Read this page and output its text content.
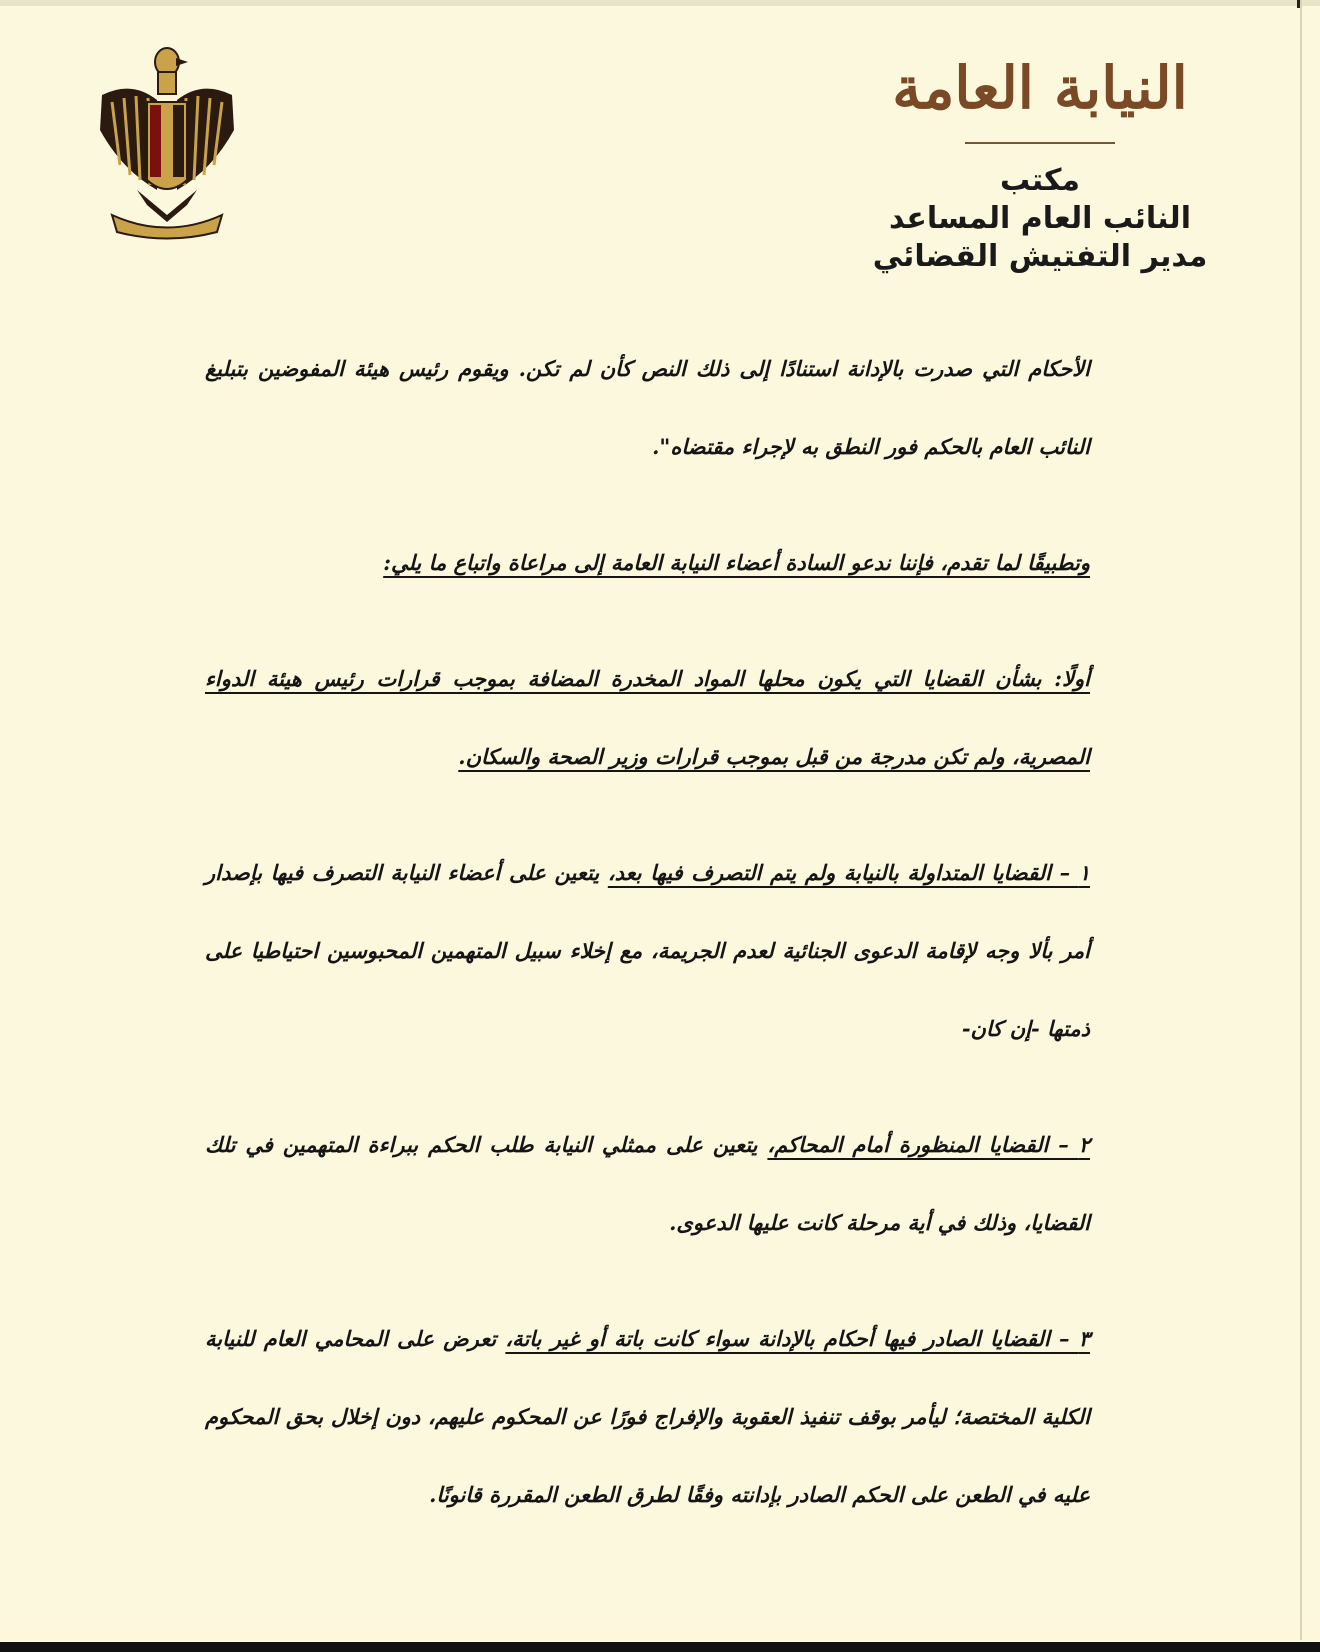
النيابة العامة
مكتب
النائب العام المساعد
مدير التفتيش القضائي

الأحكام التي صدرت بالإدانة استنادًا إلى ذلك النص كأن لم تكن. ويقوم رئيس هيئة المفوضين بتبليغ النائب العام بالحكم فور النطق به لإجراء مقتضاه".

وتطبيقًا لما تقدم، فإننا ندعو السادة أعضاء النيابة العامة إلى مراعاة واتباع ما يلي:

أولًا: بشأن القضايا التي يكون محلها المواد المخدرة المضافة بموجب قرارات رئيس هيئة الدواء المصرية، ولم تكن مدرجة من قبل بموجب قرارات وزير الصحة والسكان.

١ – القضايا المتداولة بالنيابة ولم يتم التصرف فيها بعد، يتعين على أعضاء النيابة التصرف فيها بإصدار أمر بألا وجه لإقامة الدعوى الجنائية لعدم الجريمة، مع إخلاء سبيل المتهمين المحبوسين احتياطيا على ذمتها -إن كان-

٢ – القضايا المنظورة أمام المحاكم، يتعين على ممثلي النيابة طلب الحكم ببراءة المتهمين في تلك القضايا، وذلك في أية مرحلة كانت عليها الدعوى.

٣ – القضايا الصادر فيها أحكام بالإدانة سواء كانت باتة أو غير باتة، تعرض على المحامي العام للنيابة الكلية المختصة؛ ليأمر بوقف تنفيذ العقوبة والإفراج فورًا عن المحكوم عليهم، دون إخلال بحق المحكوم عليه في الطعن على الحكم الصادر بإدانته وفقًا لطرق الطعن المقررة قانونًا.
